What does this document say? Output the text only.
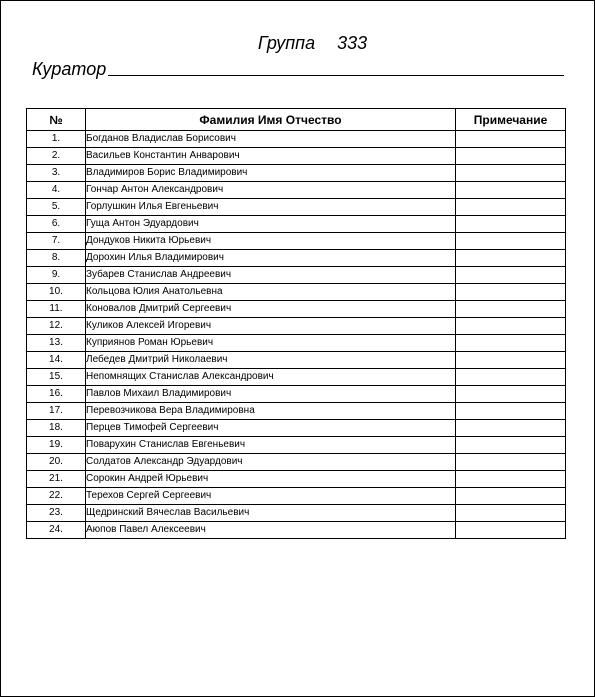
Группа 333
Куратор
№	Фамилия Имя Отчество	Примечание
1.	Богданов Владислав Борисович	
2.	Васильев Константин Анварович	
3.	Владимиров Борис Владимирович	
4.	Гончар Антон Александрович	
5.	Горлушкин Илья Евгеньевич	
6.	Гуща Антон Эдуардович	
7.	Дондуков Никита Юрьевич	
8.	Дорохин Илья Владимирович	
9.	Зубарев Станислав Андреевич	
10.	Кольцова Юлия Анатольевна	
11.	Коновалов Дмитрий Сергеевич	
12.	Куликов Алексей Игоревич	
13.	Куприянов Роман Юрьевич	
14.	Лебедев Дмитрий Николаевич	
15.	Непомнящих Станислав Александрович	
16.	Павлов Михаил Владимирович	
17.	Перевозчикова Вера Владимировна	
18.	Перцев Тимофей Сергеевич	
19.	Поварухин Станислав Евгеньевич	
20.	Солдатов Александр Эдуардович	
21.	Сорокин Андрей Юрьевич	
22.	Терехов Сергей Сергеевич	
23.	Щедринский Вячеслав Васильевич	
24.	Аюпов Павел Алексеевич	
